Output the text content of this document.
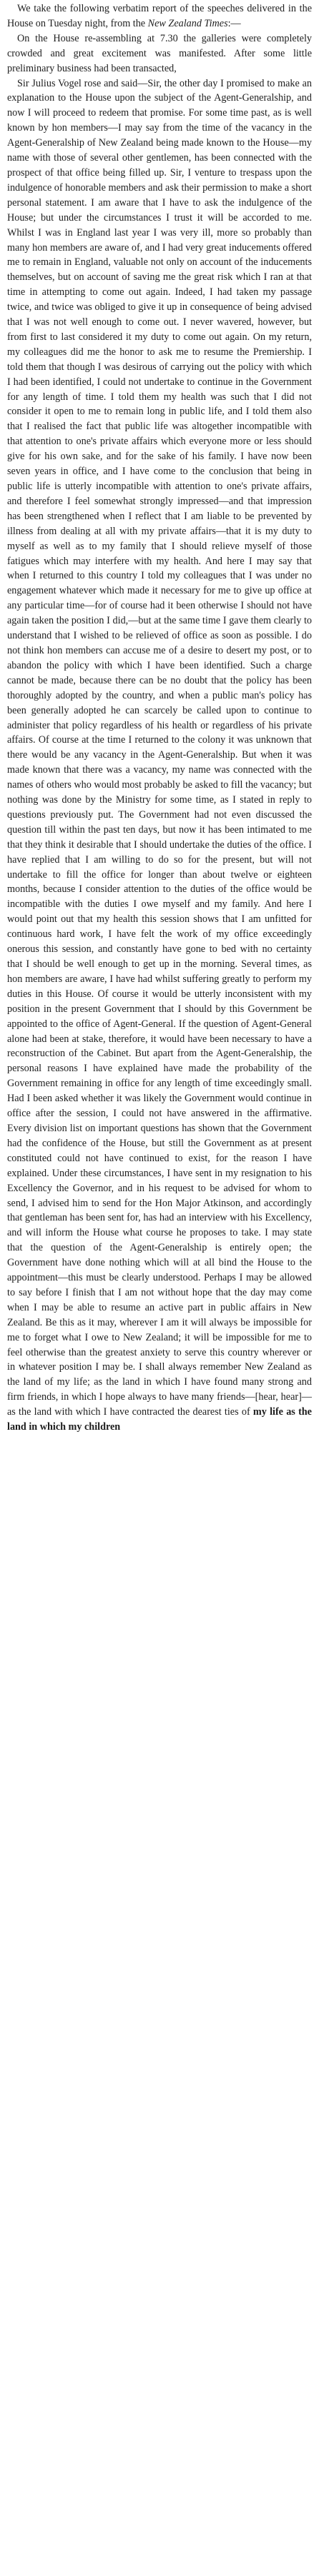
We take the following verbatim report of the speeches delivered in the House on Tuesday night, from the New Zealand Times:—

On the House re-assembling at 7.30 the galleries were completely crowded and great excitement was manifested. After some little preliminary business had been transacted,

Sir Julius Vogel rose and said—Sir, the other day I promised to make an explanation to the House upon the subject of the Agent-Generalship, and now I will proceed to redeem that promise. For some time past, as is well known by hon members—I may say from the time of the vacancy in the Agent-Generalship of New Zealand being made known to the House—my name with those of several other gentlemen, has been connected with the prospect of that office being filled up. Sir, I venture to trespass upon the indulgence of honorable members and ask their permission to make a short personal statement. I am aware that I have to ask the indulgence of the House; but under the circumstances I trust it will be accorded to me. Whilst I was in England last year I was very ill, more so probably than many hon members are aware of, and I had very great inducements offered me to remain in England, valuable not only on account of the inducements themselves, but on account of saving me the great risk which I ran at that time in attempting to come out again. Indeed, I had taken my passage twice, and twice was obliged to give it up in consequence of being advised that I was not well enough to come out. I never wavered, however, but from first to last considered it my duty to come out again. On my return, my colleagues did me the honor to ask me to resume the Premiership. I told them that though I was desirous of carrying out the policy with which I had been identified, I could not undertake to continue in the Government for any length of time. I told them my health was such that I did not consider it open to me to remain long in public life, and I told them also that I realised the fact that public life was altogether incompatible with that attention to one's private affairs which everyone more or less should give for his own sake, and for the sake of his family. I have now been seven years in office, and I have come to the conclusion that being in public life is utterly incompatible with attention to one's private affairs, and therefore I feel somewhat strongly impressed—and that impression has been strengthened when I reflect that I am liable to be prevented by illness from dealing at all with my private affairs—that it is my duty to myself as well as to my family that I should relieve myself of those fatigues which may interfere with my health. And here I may say that when I returned to this country I told my colleagues that I was under no engagement whatever which made it necessary for me to give up office at any particular time—for of course had it been otherwise I should not have again taken the position I did,—but at the same time I gave them clearly to understand that I wished to be relieved of office as soon as possible. I do not think hon members can accuse me of a desire to desert my post, or to abandon the policy with which I have been identified. Such a charge cannot be made, because there can be no doubt that the policy has been thoroughly adopted by the country, and when a public man's policy has been generally adopted he can scarcely be called upon to continue to administer that policy regardless of his health or regardless of his private affairs. Of course at the time I returned to the colony it was unknown that there would be any vacancy in the Agent-Generalship. But when it was made known that there was a vacancy, my name was connected with the names of others who would most probably be asked to fill the vacancy; but nothing was done by the Ministry for some time, as I stated in reply to questions previously put. The Government had not even discussed the question till within the past ten days, but now it has been intimated to me that they think it desirable that I should undertake the duties of the office. I have replied that I am willing to do so for the present, but will not undertake to fill the office for longer than about twelve or eighteen months, because I consider attention to the duties of the office would be incompatible with the duties I owe myself and my family. And here I would point out that my health this session shows that I am unfitted for continuous hard work, I have felt the work of my office exceedingly onerous this session, and constantly have gone to bed with no certainty that I should be well enough to get up in the morning. Several times, as hon members are aware, I have had whilst suffering greatly to perform my duties in this House. Of course it would be utterly inconsistent with my position in the present Government that I should by this Government be appointed to the office of Agent-General. If the question of Agent-General alone had been at stake, therefore, it would have been necessary to have a reconstruction of the Cabinet. But apart from the Agent-Generalship, the personal reasons I have explained have made the probability of the Government remaining in office for any length of time exceedingly small. Had I been asked whether it was likely the Government would continue in office after the session, I could not have answered in the affirmative. Every division list on important questions has shown that the Government had the confidence of the House, but still the Government as at present constituted could not have continued to exist, for the reason I have explained. Under these circumstances, I have sent in my resignation to his Excellency the Governor, and in his request to be advised for whom to send, I advised him to send for the Hon Major Atkinson, and accordingly that gentleman has been sent for, has had an interview with his Excellency, and will inform the House what course he proposes to take. I may state that the question of the Agent-Generalship is entirely open; the Government have done nothing which will at all bind the House to the appointment—this must be clearly understood. Perhaps I may be allowed to say before I finish that I am not without hope that the day may come when I may be able to resume an active part in public affairs in New Zealand. Be this as it may, wherever I am it will always be impossible for me to forget what I owe to New Zealand; it will be impossible for me to feel otherwise than the greatest anxiety to serve this country wherever or in whatever position I may be. I shall always remember New Zealand as the land of my life; as the land in which I have found many strong and firm friends, in which I hope always to have many friends—[hear, hear]—as the land with which I have contracted the dearest ties of my life as the land in which my children
